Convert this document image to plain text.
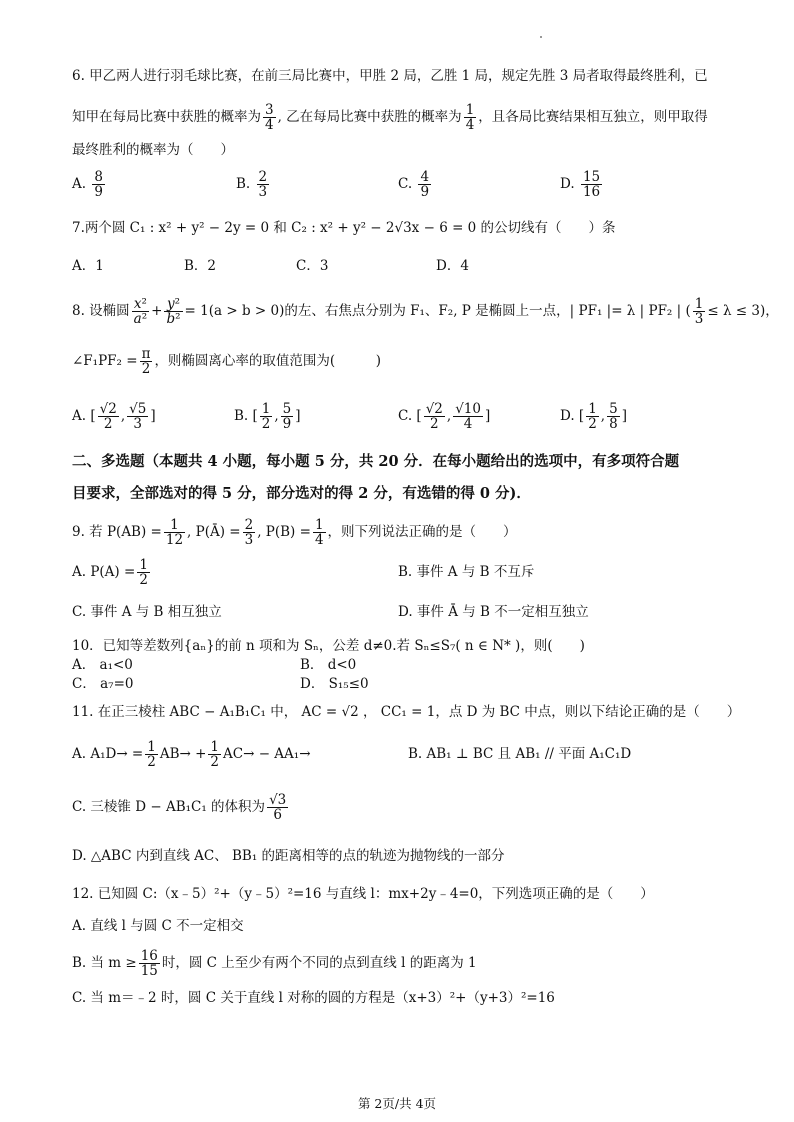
6. 甲乙两人进行羽毛球比赛，在前三局比赛中，甲胜 2 局，乙胜 1 局，规定先胜 3 局者取得最终胜利，已
知甲在每局比赛中获胜的概率为 $\frac{3}{4}$ , 乙在每局比赛中获胜的概率为 $\frac{1}{4}$ ，且各局比赛结果相互独立，则甲取得
最终胜利的概率为（　　）
A. $\frac{8}{9}$	B. $\frac{2}{3}$	C. $\frac{4}{9}$	D. $\frac{15}{16}$
7.两个圆 C₁ : x² + y² − 2y = 0 和 C₂ : x² + y² − 2√3x − 6 = 0 的公切线有（　　）条
A．1	B．2	C．3	D．4
8. 设椭圆 $\frac{\text{x²}}{\text{a²}} + \frac{\text{y²}}{\text{b²}} = 1(a > b > 0)$的左、右焦点分别为 F₁、F₂, P 是椭圆上一点，| PF₁ |= λ | PF₂ | ( $\frac{1}{3} \le \lambda \le 3$)，
∠F₁PF₂ = $\frac{\pi}{2}$ ，则椭圆离心率的取值范围为(　　　)
A. [ $\frac{√2}{2}$ , $\frac{√5}{3}$ ]	B. [ $\frac{1}{2}$ , $\frac{5}{9}$ ]	C. [ $\frac{√2}{2}$ , $\frac{√10}{4}$ ]	D. [ $\frac{1}{2}$ , $\frac{5}{8}$ ]
二、多选题（本题共 4 小题，每小题 5 分，共 20 分．在每小题给出的选项中，有多项符合题
目要求，全部选对的得 5 分，部分选对的得 2 分，有选错的得 0 分)．
9. 若 $P(AB) = \frac{1}{12}$ , P(Ā) = $\frac{2}{3}$ , $P(B) = \frac{1}{4}$ ，则下列说法正确的是（　　）
A. $P(A) = \frac{1}{2}$	B. 事件 A 与 B 不互斥
C. 事件 A 与 B 相互独立	D. 事件 Ā 与 B 不一定相互独立
10．已知等差数列{aₙ}的前 n 项和为 Sₙ，公差 d≠0.若 Sₙ≤S₇( n ∈ N* )，则(　　)
A． a₁<0	B． d<0
C． a₇=0	D． S₁₅≤0
11. 在正三棱柱 ABC − A₁B₁C₁ 中， AC = √2 ， CC₁ = 1，点 D 为 BC 中点，则以下结论正确的是（　　）
A. $A_1D\to = \frac{1}{2} AB\to + \frac{1}{2} AC\to - AA_1\to$	B. AB₁ ⊥ BC 且 AB₁ // 平面 A₁C₁D
C. 三棱锥 D − AB₁C₁ 的体积为 $\frac{√3}{6}$
D. △ABC 内到直线 AC、 BB₁ 的距离相等的点的轨迹为抛物线的一部分
12. 已知圆 C:（x﹣5）²+（y﹣5）²=16 与直线 l：mx+2y﹣4=0，下列选项正确的是（　　）
A. 直线 l 与圆 C 不一定相交
B. 当 $m \ge \frac{16}{15}$ 时，圆 C 上至少有两个不同的点到直线 l 的距离为 1
C. 当 m＝﹣2 时，圆 C 关于直线 l 对称的圆的方程是（x+3）²+（y+3）²=16
第 2页/共 4页
